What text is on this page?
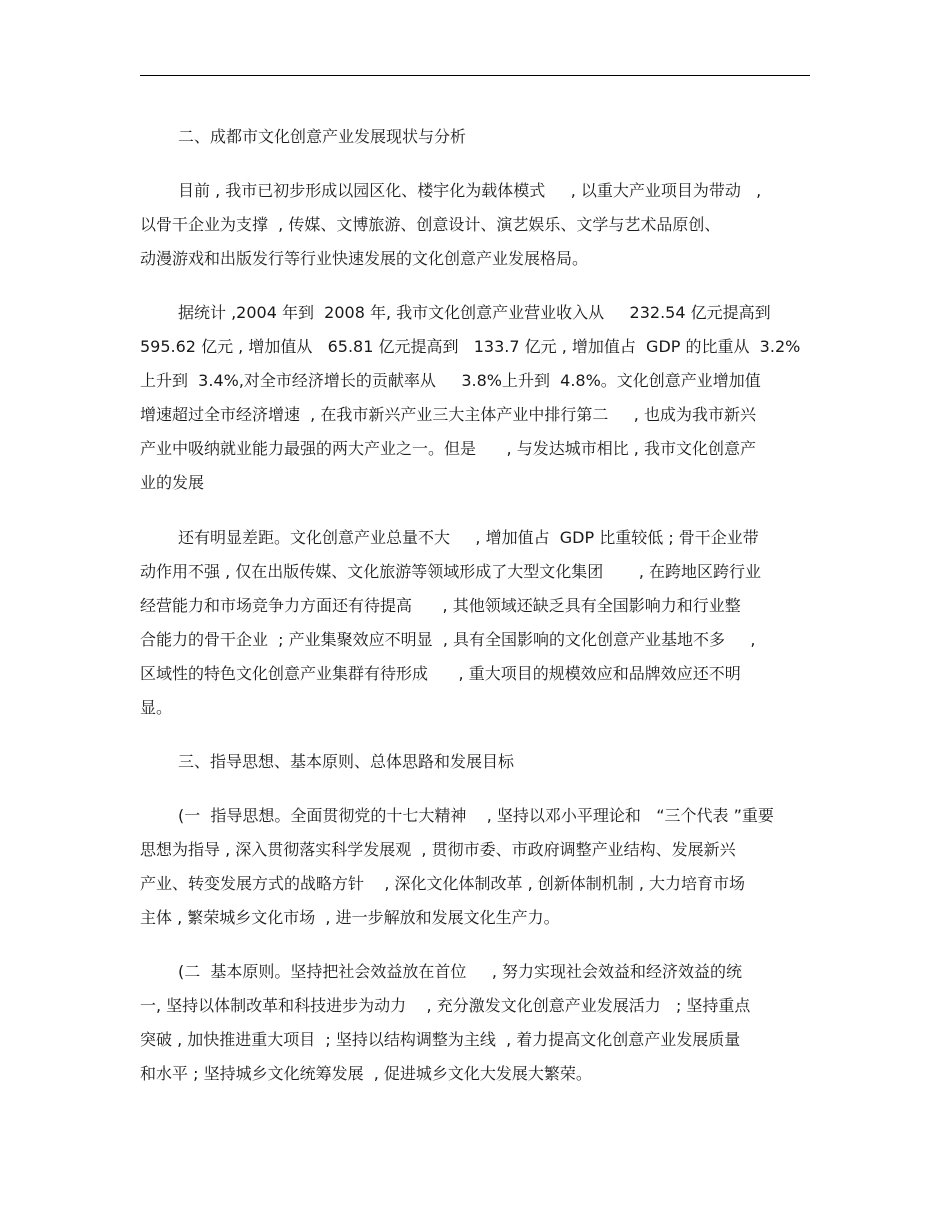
二、成都市文化创意产业发展现状与分析
目前 , 我市已初步形成以园区化、楼宇化为载体模式     , 以重大产业项目为带动   ,
以骨干企业为支撑  , 传媒、文博旅游、创意设计、演艺娱乐、文学与艺术品原创、
动漫游戏和出版发行等行业快速发展的文化创意产业发展格局。
据统计 ,2004 年到  2008 年, 我市文化创意产业营业收入从     232.54 亿元提高到
595.62 亿元 , 增加值从   65.81 亿元提高到   133.7 亿元 , 增加值占  GDP 的比重从  3.2%
上升到  3.4%,对全市经济增长的贡献率从     3.8%上升到  4.8%。文化创意产业增加值
增速超过全市经济增速  , 在我市新兴产业三大主体产业中排行第二     , 也成为我市新兴
产业中吸纳就业能力最强的两大产业之一。但是      , 与发达城市相比 , 我市文化创意产
业的发展
还有明显差距。文化创意产业总量不大     , 增加值占  GDP 比重较低 ; 骨干企业带
动作用不强 , 仅在出版传媒、文化旅游等领域形成了大型文化集团       , 在跨地区跨行业
经营能力和市场竞争力方面还有待提高      , 其他领域还缺乏具有全国影响力和行业整
合能力的骨干企业  ; 产业集聚效应不明显  , 具有全国影响的文化创意产业基地不多     ,
区域性的特色文化创意产业集群有待形成      , 重大项目的规模效应和品牌效应还不明
显。
三、指导思想、基本原则、总体思路和发展目标
(一  指导思想。全面贯彻党的十七大精神    , 坚持以邓小平理论和   “三个代表 ”重要
思想为指导 , 深入贯彻落实科学发展观  , 贯彻市委、市政府调整产业结构、发展新兴
产业、转变发展方式的战略方针    , 深化文化体制改革 , 创新体制机制 , 大力培育市场
主体 , 繁荣城乡文化市场  , 进一步解放和发展文化生产力。
(二  基本原则。坚持把社会效益放在首位     , 努力实现社会效益和经济效益的统
一, 坚持以体制改革和科技进步为动力    , 充分激发文化创意产业发展活力   ; 坚持重点
突破 , 加快推进重大项目  ; 坚持以结构调整为主线  , 着力提高文化创意产业发展质量
和水平 ; 坚持城乡文化统筹发展  , 促进城乡文化大发展大繁荣。
